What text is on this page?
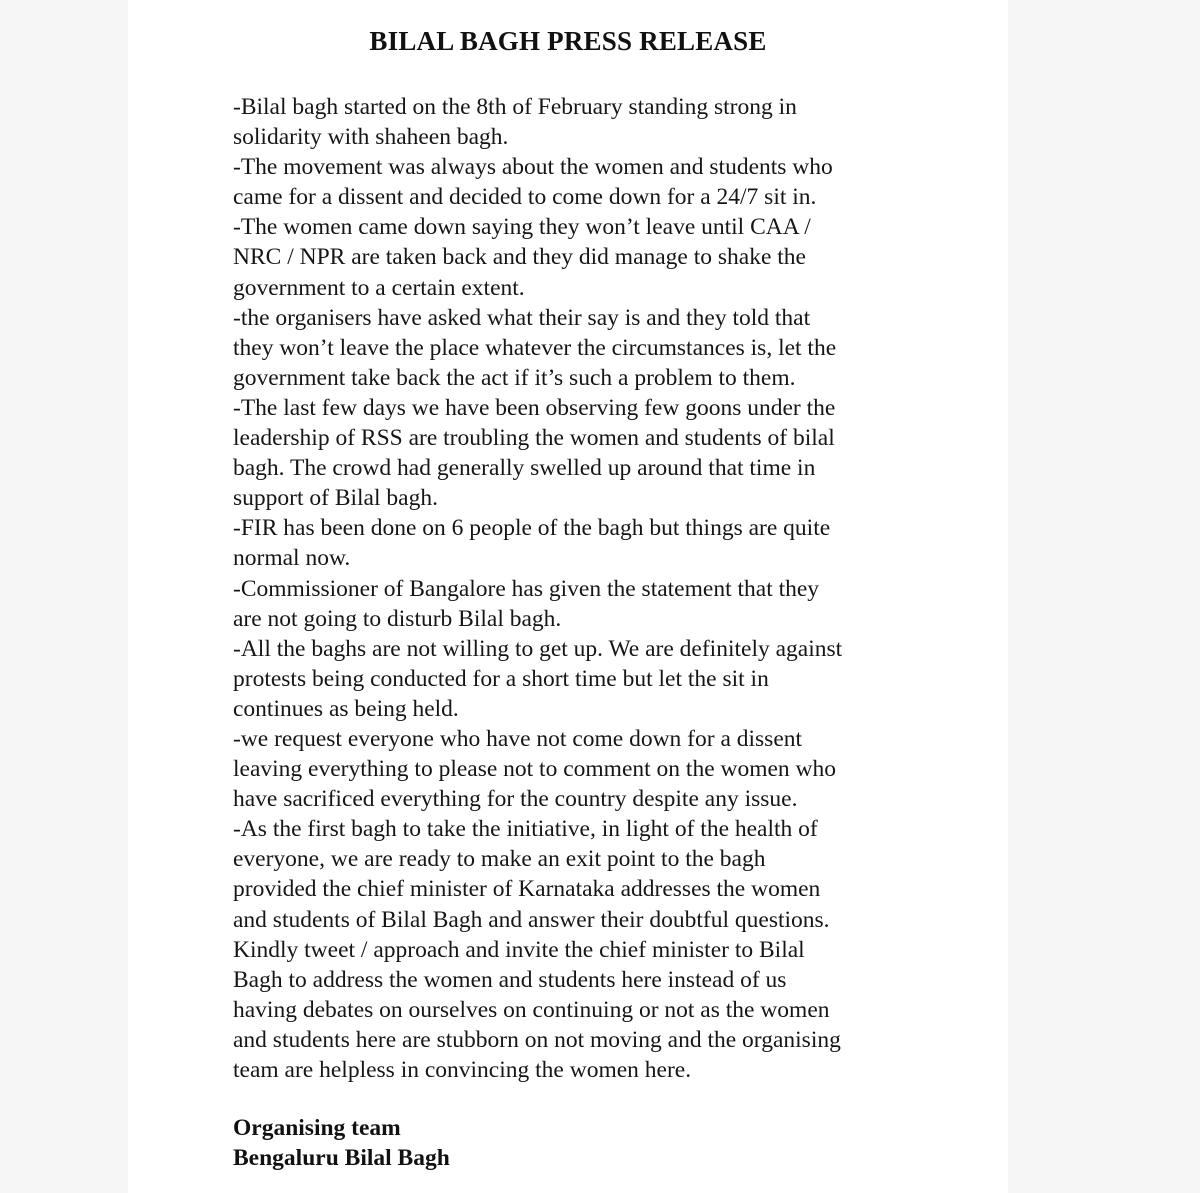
BILAL BAGH PRESS RELEASE
-Bilal bagh started on the 8th of February standing strong in
solidarity with shaheen bagh.
-The movement was always about the women and students who
came for a dissent and decided to come down for a 24/7 sit in.
-The women came down saying they won’t leave until CAA /
NRC / NPR are taken back and they did manage to shake the
government to a certain extent.
-the organisers have asked what their say is and they told that
they won’t leave the place whatever the circumstances is, let the
government take back the act if it’s such a problem to them.
-The last few days we have been observing few goons under the
leadership of RSS are troubling the women and students of bilal
bagh. The crowd had generally swelled up around that time in
support of Bilal bagh.
-FIR has been done on 6 people of the bagh but things are quite
normal now.
-Commissioner of Bangalore has given the statement that they
are not going to disturb Bilal bagh.
-All the baghs are not willing to get up. We are definitely against
protests being conducted for a short time but let the sit in
continues as being held.
-we request everyone who have not come down for a dissent
leaving everything to please not to comment on the women who
have sacrificed everything for the country despite any issue.
-As the first bagh to take the initiative, in light of the health of
everyone, we are ready to make an exit point to the bagh
provided the chief minister of Karnataka addresses the women
and students of Bilal Bagh and answer their doubtful questions.
Kindly tweet / approach and invite the chief minister to Bilal
Bagh to address the women and students here instead of us
having debates on ourselves on continuing or not as the women
and students here are stubborn on not moving and the organising
team are helpless in convincing the women here.
Organising team
Bengaluru Bilal Bagh
